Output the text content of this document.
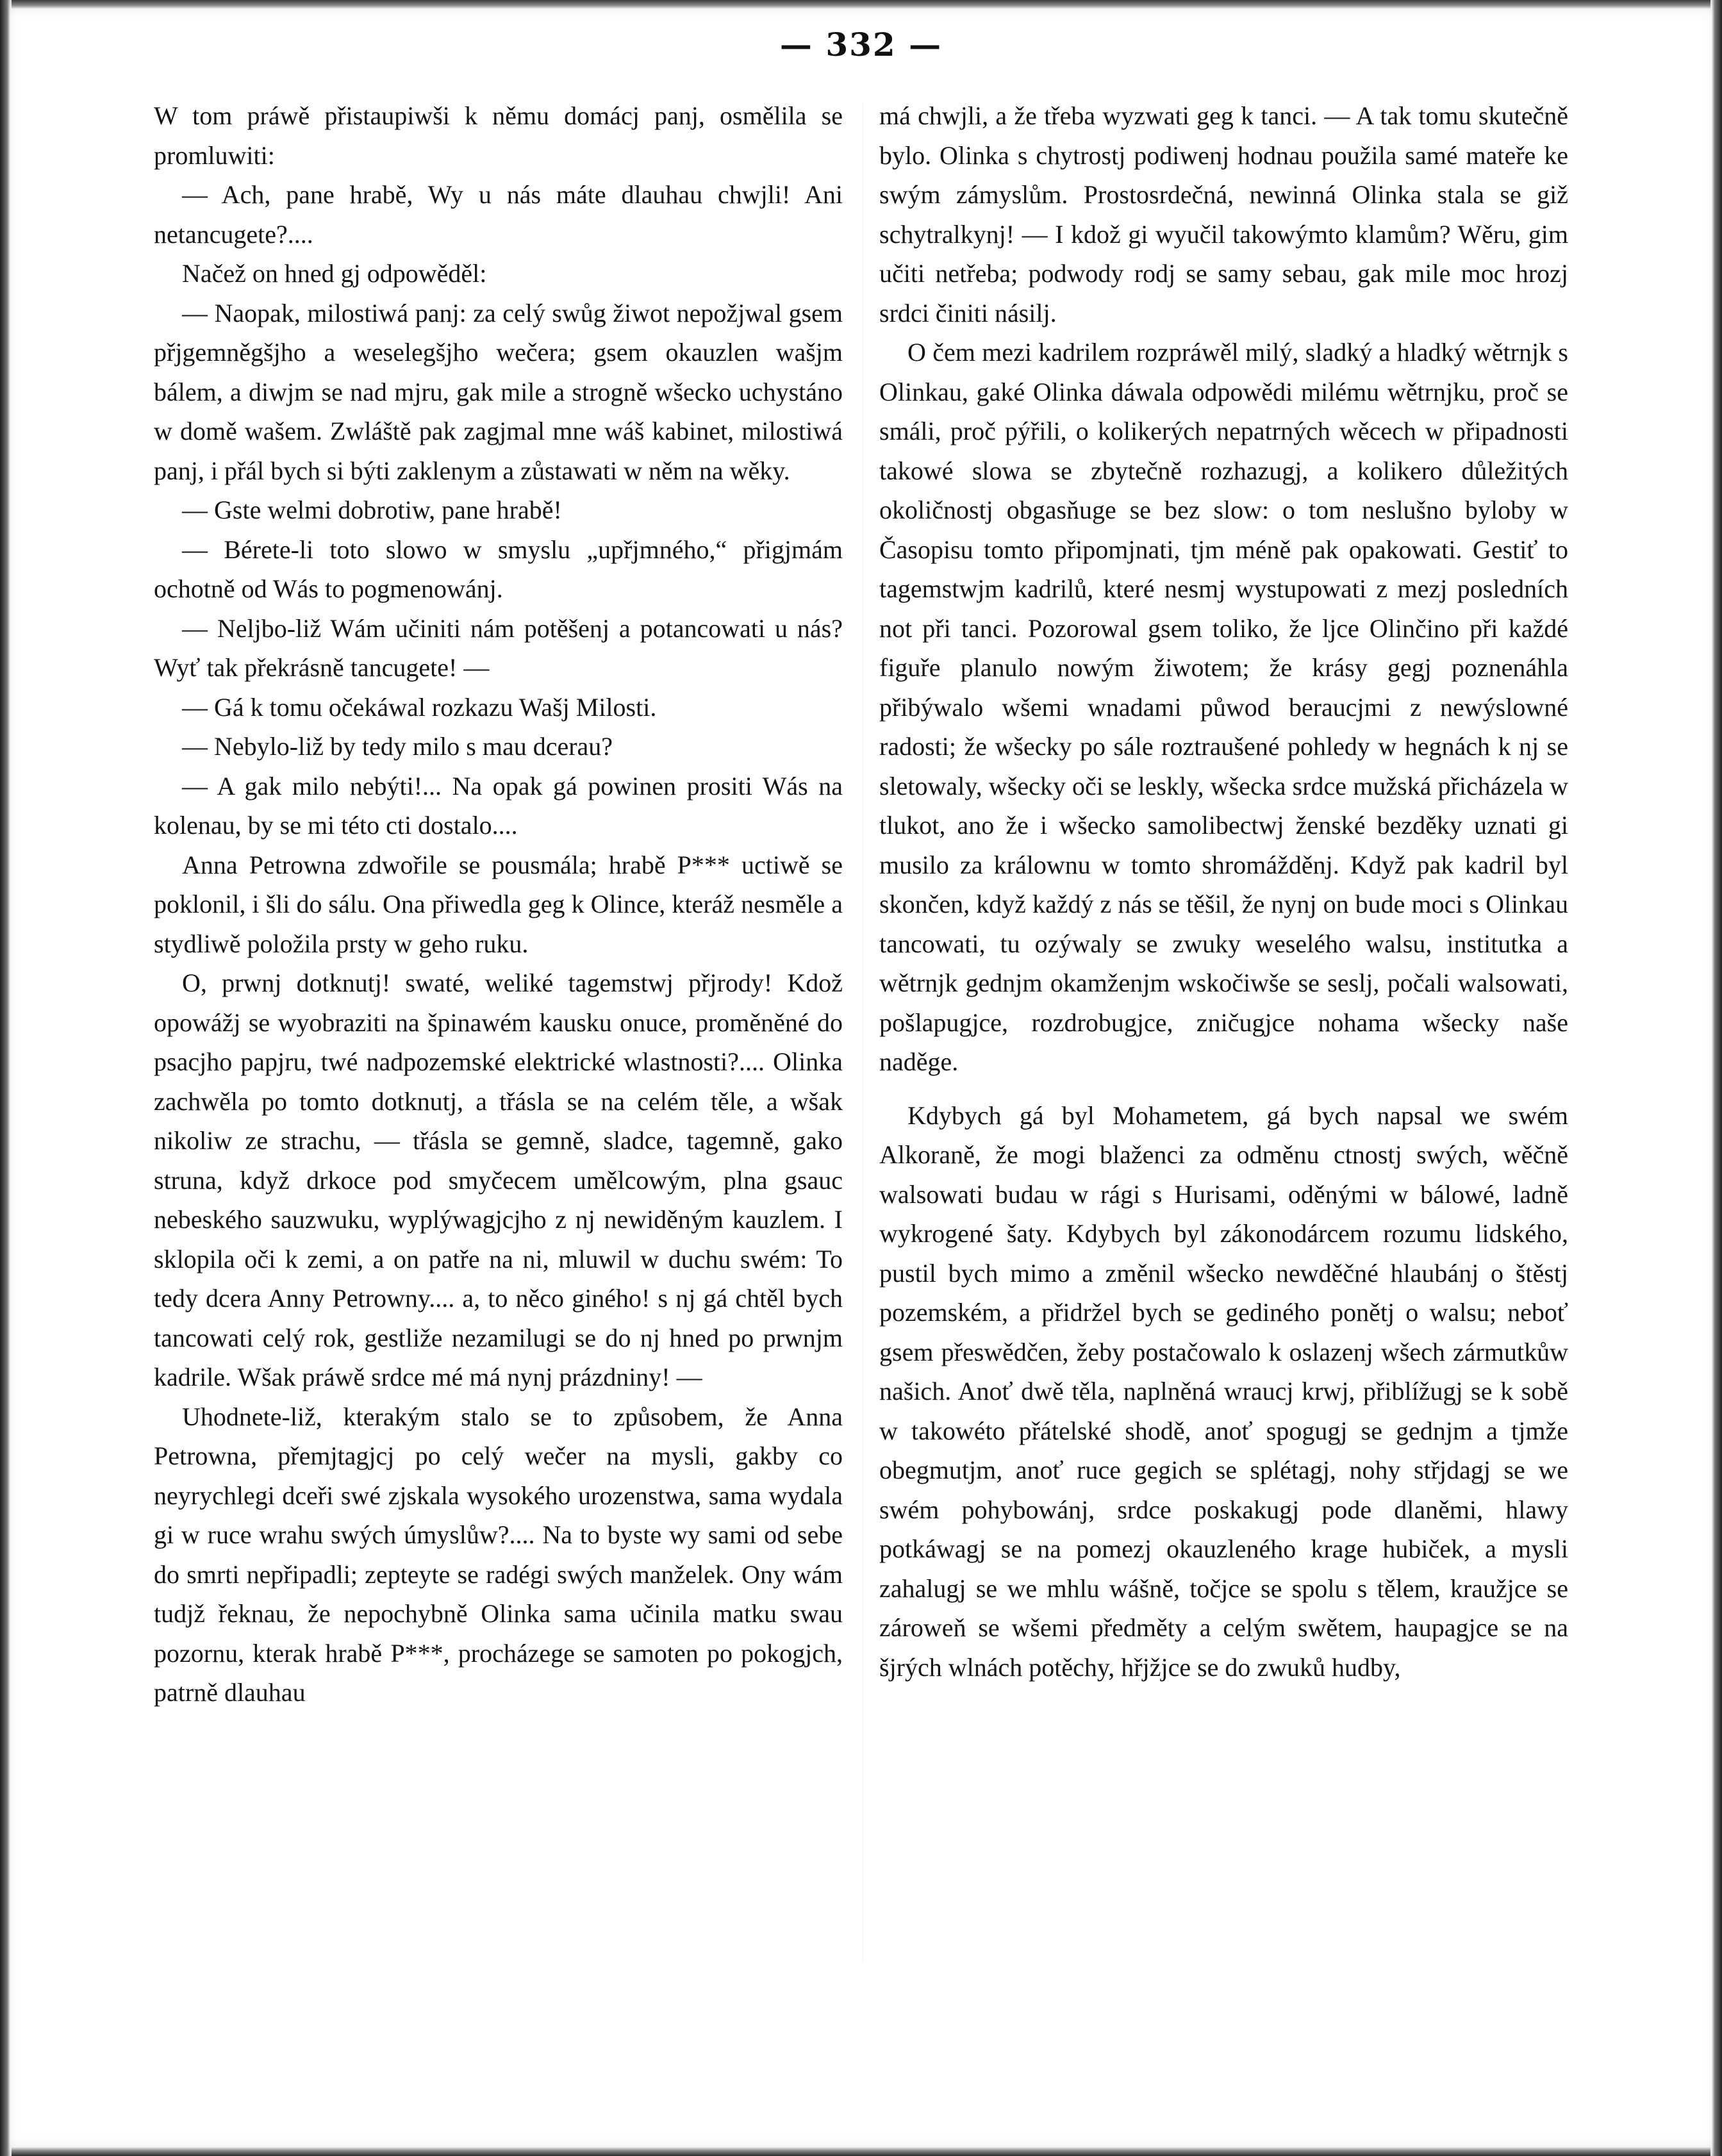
— 332 —

W tom práwě přistaupiwši k němu domácj panj, osmělila se promluwiti:

— Ach, pane hrabě, Wy u nás máte dlauhau chwjli! Ani netancugete?....

Načež on hned gj odpowěděl:

— Naopak, milostiwá panj: za celý swůg žiwot nepožjwal gsem přjgemněgšjho a weselegšjho wečera; gsem okauzlen wašjm bálem, a diwjm se nad mjru, gak mile a strogně wšecko uchystáno w domě wašem. Zwláště pak zagjmal mne wáš kabinet, milostiwá panj, i přál bych si býti zaklenym a zůstawati w něm na wěky.

— Gste welmi dobrotiw, pane hrabě!

— Bérete-li toto slowo w smyslu „upřjmného,“ přigjmám ochotně od Wás to pogmenowánj.

— Neljbo-liž Wám učiniti nám potěšenj a potancowati u nás? Wyť tak překrásně tancugete! —

— Gá k tomu očekáwal rozkazu Wašj Milosti.

— Nebylo-liž by tedy milo s mau dcerau?

— A gak milo nebýti!... Na opak gá powinen prositi Wás na kolenau, by se mi této cti dostalo....

Anna Petrowna zdwořile se pousmála; hrabě P*** uctiwě se poklonil, i šli do sálu. Ona přiwedla geg k Olince, kteráž nesměle a stydliwě položila prsty w geho ruku.

O, prwnj dotknutj! swaté, weliké tagemstwj přjrody! Kdož opowážj se wyobraziti na špinawém kausku onuce, proměněné do psacjho papjru, twé nadpozemské elektrické wlastnosti?.... Olinka zachwěla po tomto dotknutj, a třásla se na celém těle, a wšak nikoliw ze strachu, — třásla se gemně, sladce, tagemně, gako struna, když drkoce pod smyčecem umělcowým, plna gsauc nebeského sauzwuku, wyplýwagjcjho z nj newiděným kauzlem. I sklopila oči k zemi, a on patře na ni, mluwil w duchu swém: To tedy dcera Anny Petrowny.... a, to něco giného! s nj gá chtěl bych tancowati celý rok, gestliže nezamilugi se do nj hned po prwnjm kadrile. Wšak práwě srdce mé má nynj prázdniny! —

Uhodnete-liž, kterakým stalo se to způsobem, že Anna Petrowna, přemjtagjcj po celý wečer na mysli, gakby co neyrychlegi dceři swé zjskala wysokého urozenstwa, sama wydala gi w ruce wrahu swých úmyslůw?.... Na to byste wy sami od sebe do smrti nepřipadli; zepteyte se radégi swých manželek. Ony wám tudjž řeknau, že nepochybně Olinka sama učinila matku swau pozornu, kterak hrabě P***, procházege se samoten po pokogjch, patrně dlauhau

má chwjli, a že třeba wyzwati geg k tanci. — A tak tomu skutečně bylo. Olinka s chytrostj podiwenj hodnau použila samé mateře ke swým zámyslům. Prostosrdečná, newinná Olinka stala se giž schytralkynj! — I kdož gi wyučil takowýmto klamům? Wěru, gim učiti netřeba; podwody rodj se samy sebau, gak mile moc hrozj srdci činiti násilj.

O čem mezi kadrilem rozpráwěl milý, sladký a hladký wětrnjk s Olinkau, gaké Olinka dáwala odpowědi milému wětrnjku, proč se smáli, proč pýřili, o kolikerých nepatrných wěcech w připadnosti takowé slowa se zbytečně rozhazugj, a kolikero důležitých okoličnostj obgasňuge se bez slow: o tom neslušno byloby w Časopisu tomto připomjnati, tjm méně pak opakowati. Gestiť to tagemstwjm kadrilů, které nesmj wystupowati z mezj posledních not při tanci. Pozorowal gsem toliko, že ljce Olinčino při každé figuře planulo nowým žiwotem; že krásy gegj poznenáhla přibýwalo wšemi wnadami půwod beraucjmi z newýslowné radosti; že wšecky po sále roztraušené pohledy w hegnách k nj se sletowaly, wšecky oči se leskly, wšecka srdce mužská přicházela w tlukot, ano že i wšecko samolibectwj ženské bezděky uznati gi musilo za králownu w tomto shromážděnj. Když pak kadril byl skončen, když každý z nás se těšil, že nynj on bude moci s Olinkau tancowati, tu ozýwaly se zwuky weselého walsu, institutka a wětrnjk gednjm okamženjm wskočiwše se seslj, počali walsowati, pošlapugjce, rozdrobugjce, zničugjce nohama wšecky naše naděge.

Kdybych gá byl Mohametem, gá bych napsal we swém Alkoraně, že mogi blaženci za odměnu ctnostj swých, wěčně walsowati budau w rági s Hurisami, oděnými w bálowé, ladně wykrogené šaty. Kdybych byl zákonodárcem rozumu lidského, pustil bych mimo a změnil wšecko newděčné hlaubánj o štěstj pozemském, a přidržel bych se gediného ponětj o walsu; neboť gsem přeswědčen, žeby postačowalo k oslazenj wšech zármutkůw našich. Anoť dwě těla, naplněná wraucj krwj, přiblížugj se k sobě w takowéto přátelské shodě, anoť spogugj se gednjm a tjmže obegmutjm, anoť ruce gegich se splétagj, nohy střjdagj se we swém pohybowánj, srdce poskakugj pode dlaněmi, hlawy potkáwagj se na pomezj okauzleného krage hubiček, a mysli zahalugj se we mhlu wášně, točjce se spolu s tělem, kraužjce se zároweň se wšemi předměty a celým swětem, haupagjce se na šjrých wlnách potěchy, hřjžjce se do zwuků hudby,
